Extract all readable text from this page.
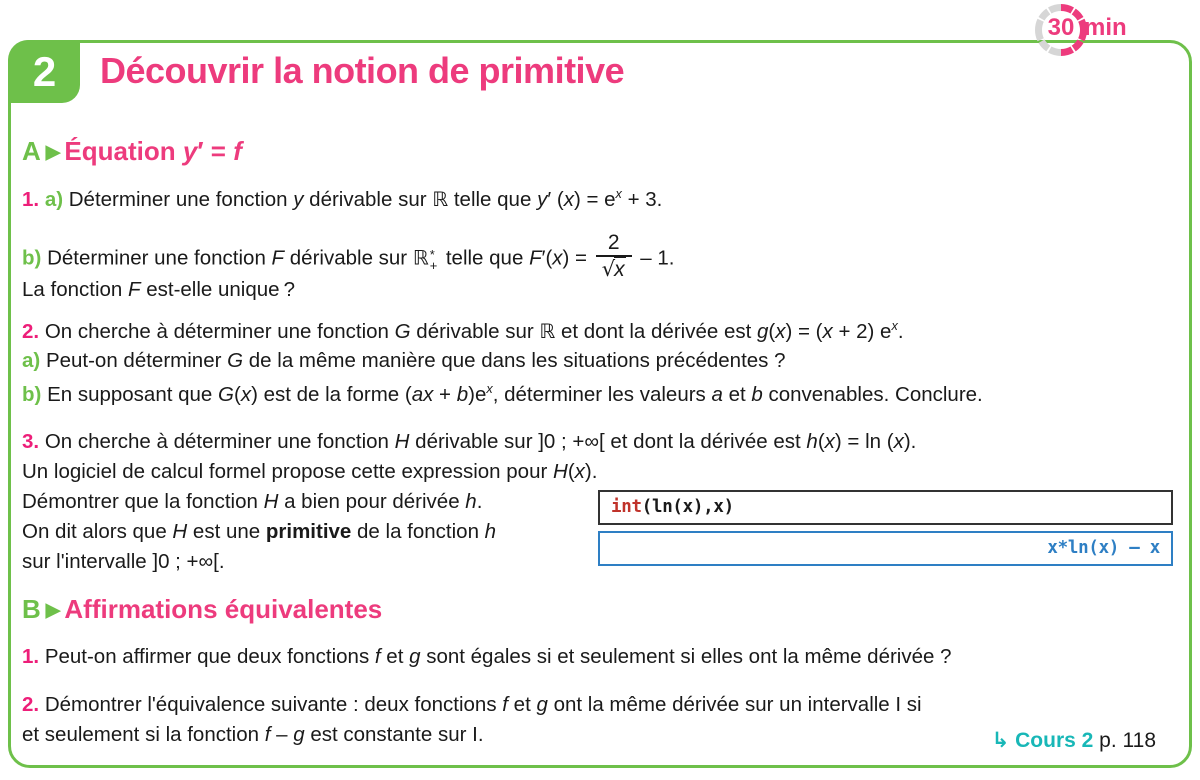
2	Découvrir la notion de primitive
30 min
A ▶ Équation y′ = f
1. a) Déterminer une fonction y dérivable sur ℝ telle que y′ $(x) = e^x + 3$.
b) Déterminer une fonction F dérivable sur ℝ *
+ telle que $F'(x) = \frac{2}{√x} - 1$.
La fonction F est-elle unique ?
2. On cherche à déterminer une fonction G dérivable sur ℝ et dont la dérivée est g(x) = (x + 2) $e^x$.
a) Peut-on déterminer G de la même manière que dans les situations précédentes ?
b) En supposant que G(x) est de la forme $(ax + b)e^x$, déterminer les valeurs a et b convenables. Conclure.
3. On cherche à déterminer une fonction H dérivable sur ]0 ; +∞[ et dont la dérivée est h(x) = ln (x).
Un logiciel de calcul formel propose cette expression pour H(x).
Démontrer que la fonction H a bien pour dérivée h.
On dit alors que H est une primitive de la fonction h
sur l'intervalle ]0 ; +∞[.
int(ln(x),x)
x*ln(x) – x
B ▶ Affirmations équivalentes
1. Peut-on affirmer que deux fonctions f et g sont égales si et seulement si elles ont la même dérivée ?
2. Démontrer l'équivalence suivante : deux fonctions f et g ont la même dérivée sur un intervalle I si
et seulement si la fonction f – g est constante sur I.	↳ Cours 2 p. 118
